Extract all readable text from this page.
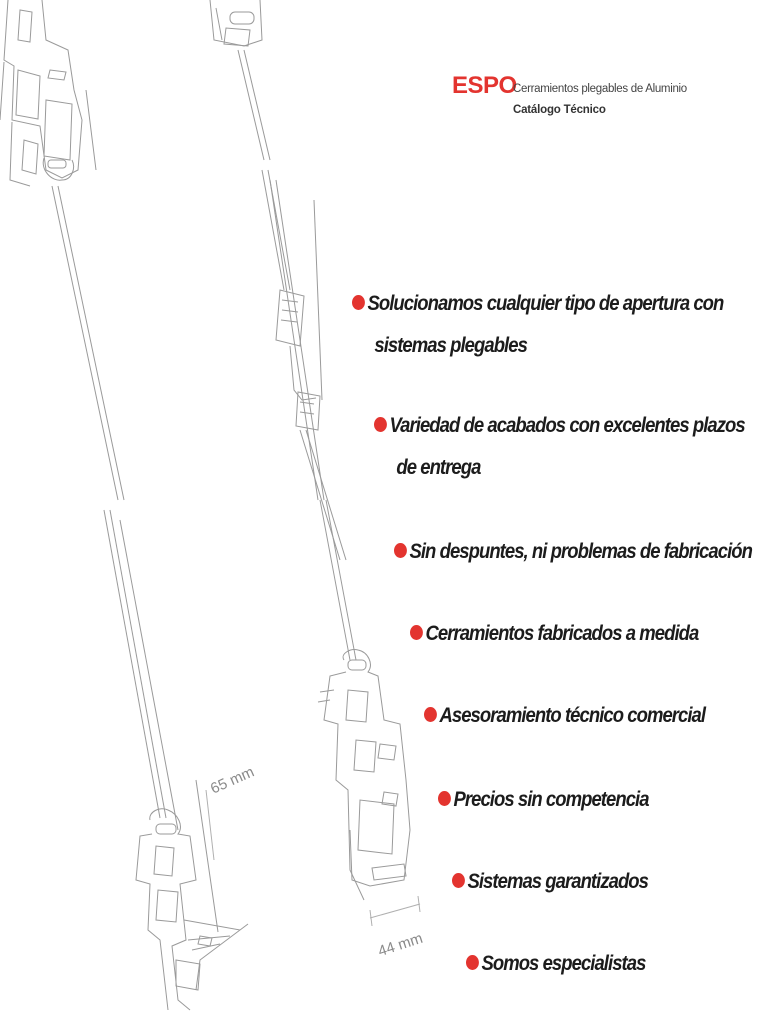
ESPO
Cerramientos plegables de Aluminio
Catálogo Técnico
Solucionamos cualquier tipo de apertura con
sistemas plegables
Variedad de acabados con excelentes plazos
de entrega
Sin despuntes, ni problemas de fabricación
Cerramientos fabricados a medida
Asesoramiento técnico comercial
Precios sin competencia
Sistemas garantizados
Somos especialistas
65 mm
44 mm
